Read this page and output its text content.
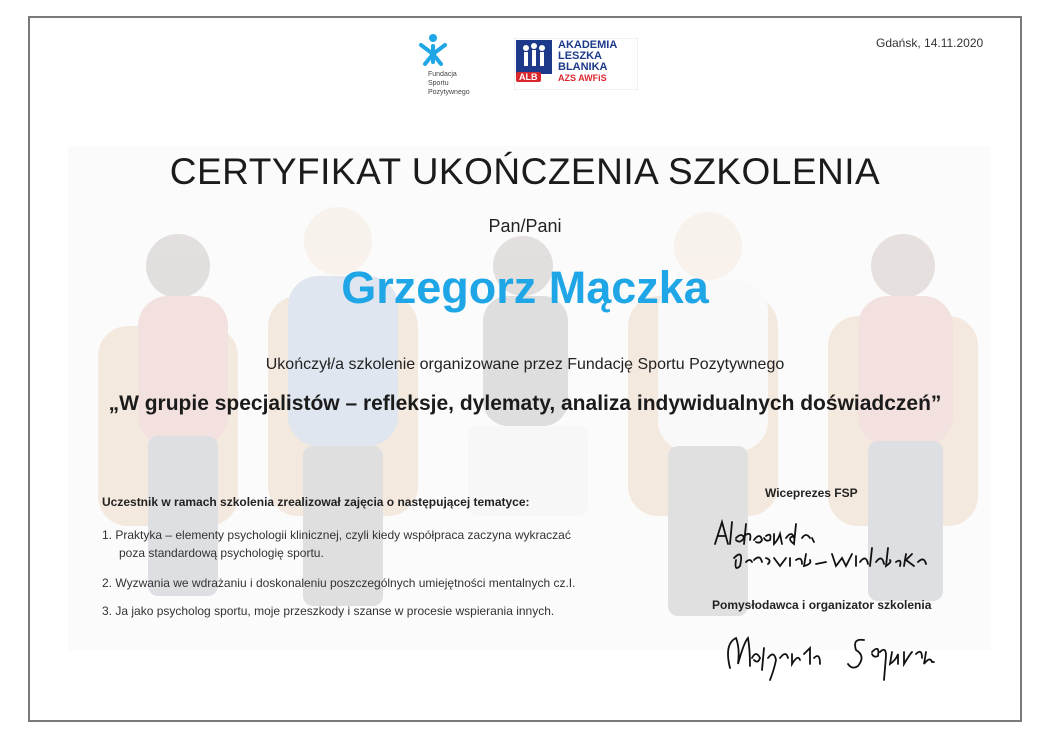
Gdańsk, 14.11.2020
Fundacja
Sportu
Pozytywnego
AKADEMIA
LESZKA
BLANIKA
AZS AWFiS
ALB
CERTYFIKAT UKOŃCZENIA SZKOLENIA
Pan/Pani
Grzegorz Mączka
Ukończył/a szkolenie organizowane przez Fundację Sportu Pozytywnego
„W grupie specjalistów – refleksje, dylematy, analiza indywidualnych doświadczeń”
Uczestnik w ramach szkolenia zrealizował zajęcia o następującej tematyce:
1. Praktyka – elementy psychologii klinicznej, czyli kiedy współpraca zaczyna wykraczać
poza standardową psychologię sportu.
2. Wyzwania we wdrażaniu i doskonaleniu poszczególnych umiejętności mentalnych cz.I.
3. Ja jako psycholog sportu, moje przeszkody i szanse w procesie wspierania innych.
Wiceprezes FSP
Pomysłodawca i organizator szkolenia
